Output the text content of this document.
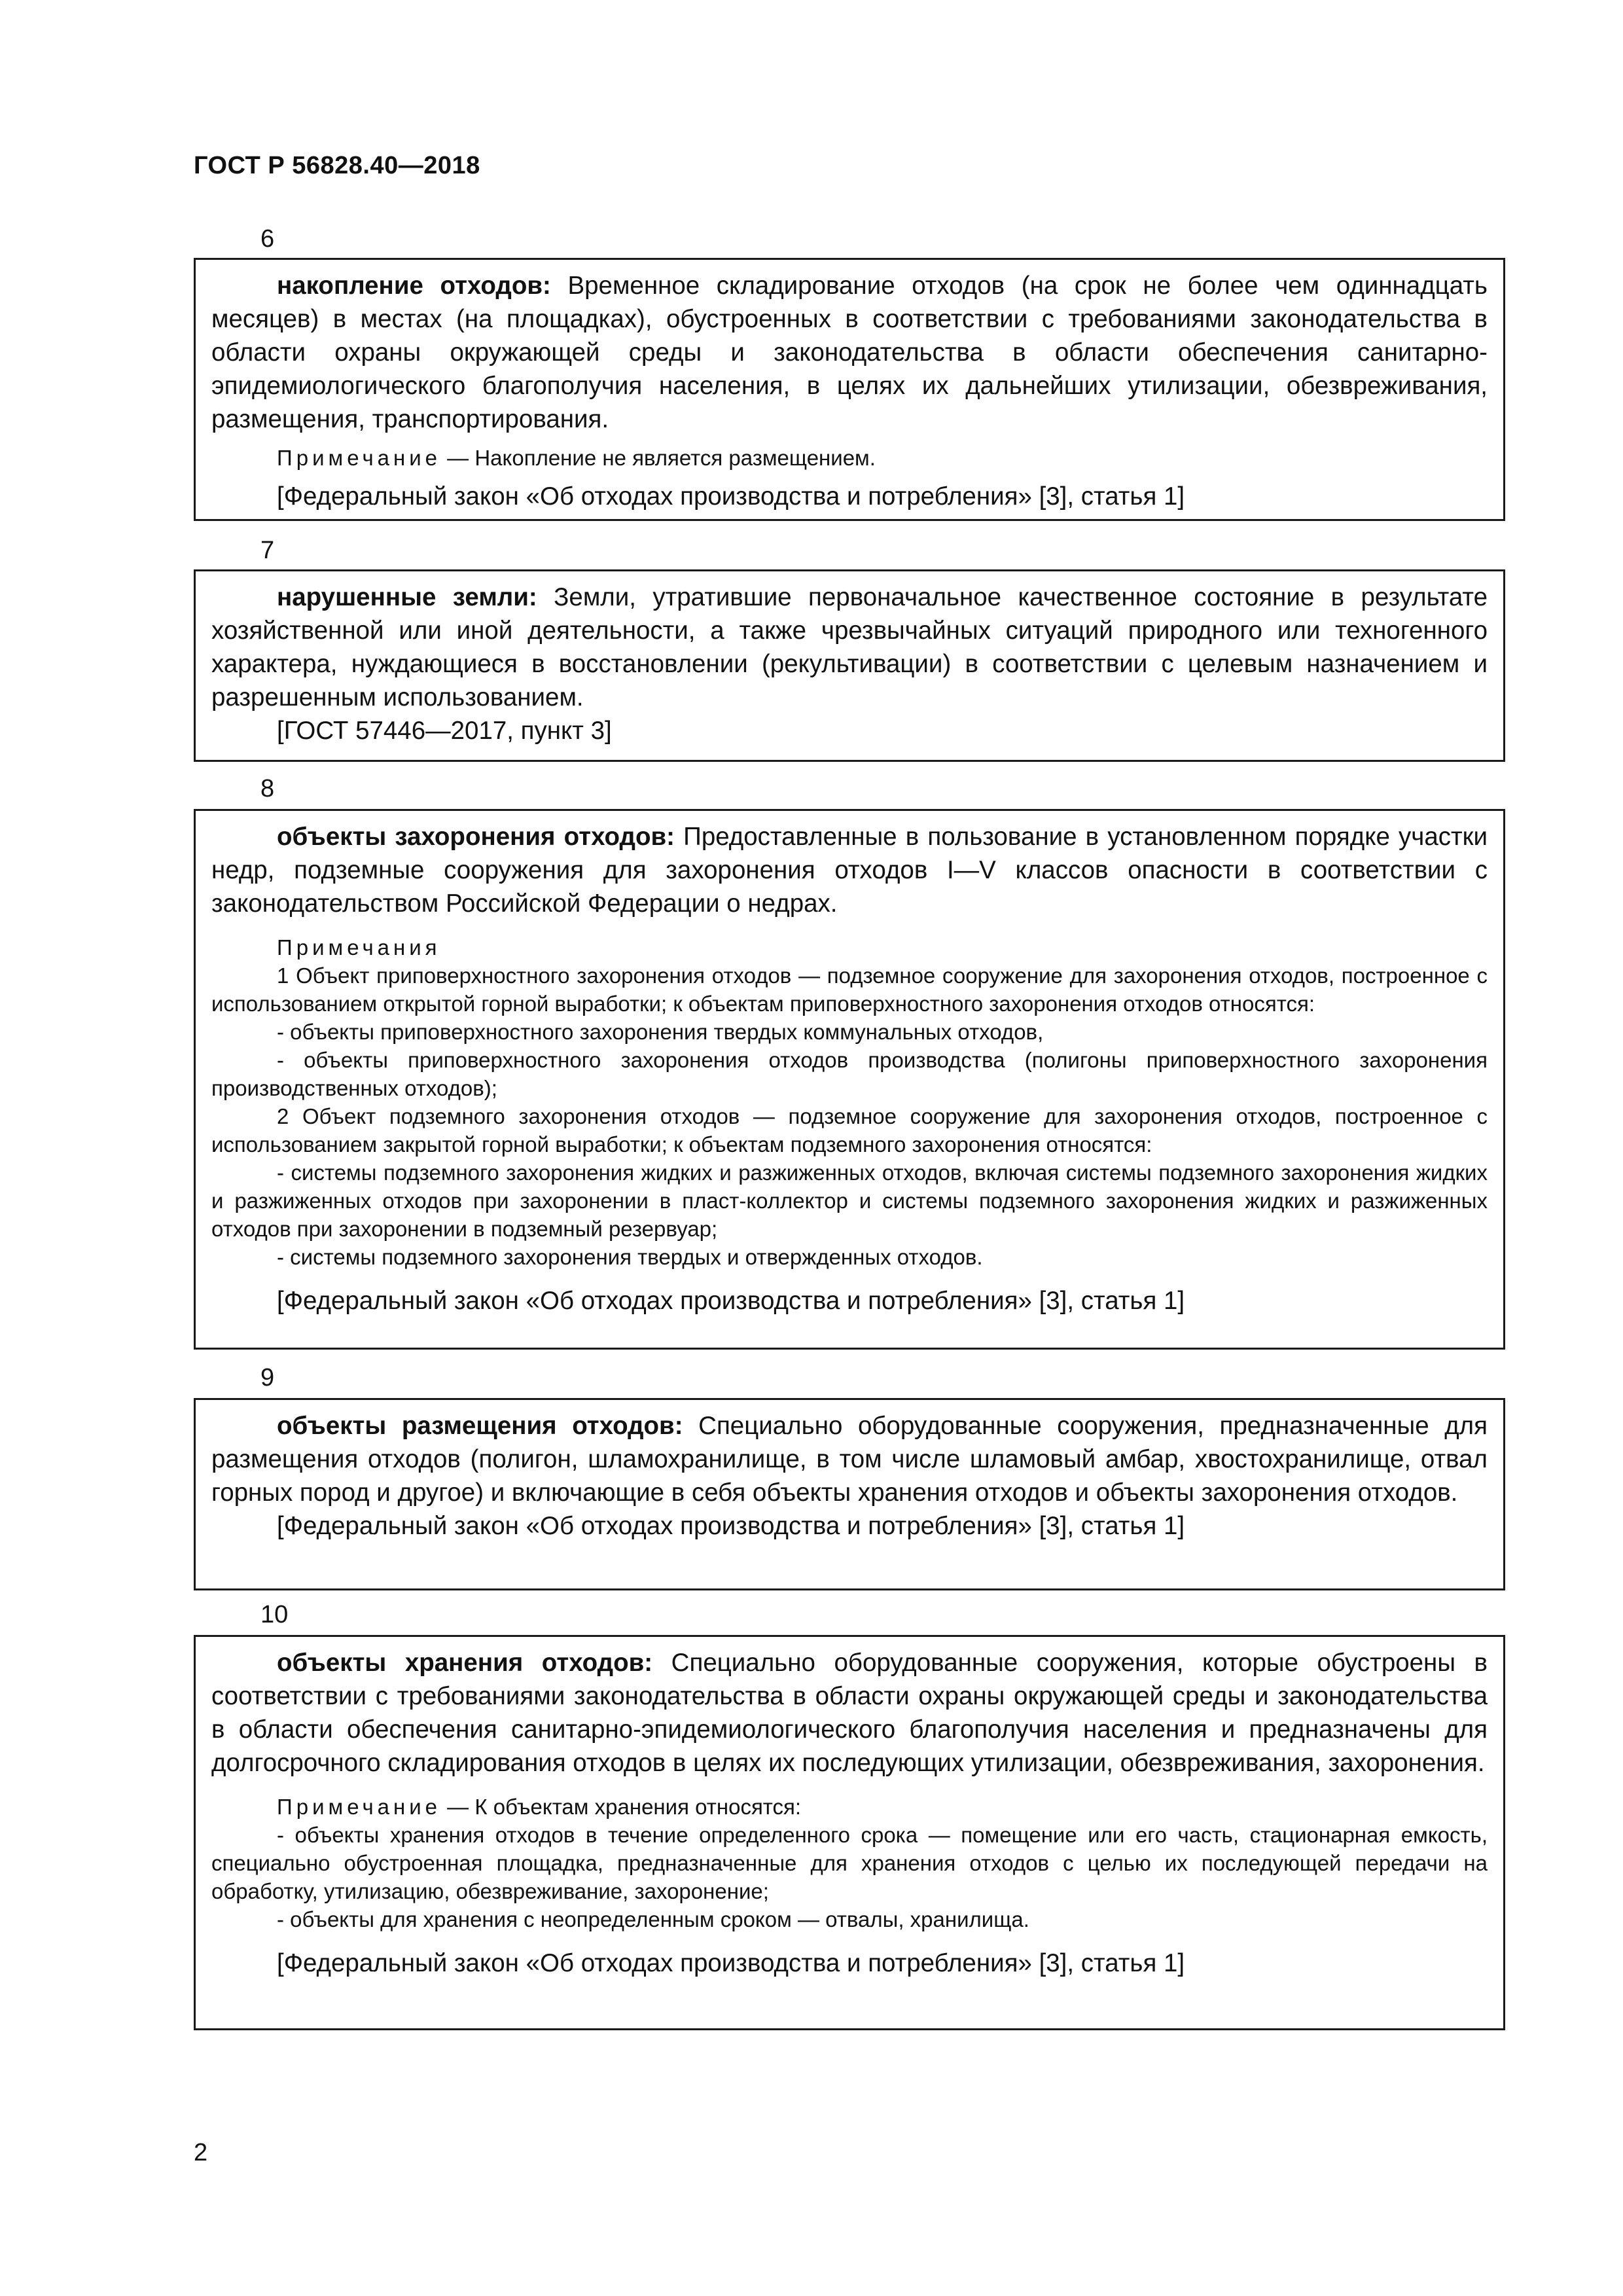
ГОСТ Р 56828.40—2018
6

накопление отходов: Временное складирование отходов (на срок не более чем одиннадцать месяцев) в местах (на площадках), обустроенных в соответствии с требованиями законодательства в области охраны окружающей среды и законодательства в области обеспечения санитарно-эпидемиологического благополучия населения, в целях их дальнейших утилизации, обезвреживания, размещения, транспортирования.

Примечание — Накопление не является размещением.

[Федеральный закон «Об отходах производства и потребления» [3], статья 1]

7

нарушенные земли: Земли, утратившие первоначальное качественное состояние в результате хозяйственной или иной деятельности, а также чрезвычайных ситуаций природного или техногенного характера, нуждающиеся в восстановлении (рекультивации) в соответствии с целевым назначением и разрешенным использованием.

[ГОСТ 57446—2017, пункт 3]

8

объекты захоронения отходов: Предоставленные в пользование в установленном порядке участки недр, подземные сооружения для захоронения отходов I—V классов опасности в соответствии с законодательством Российской Федерации о недрах.

Примечания

1 Объект приповерхностного захоронения отходов — подземное сооружение для захоронения отходов, построенное с использованием открытой горной выработки; к объектам приповерхностного захоронения отходов относятся:

- объекты приповерхностного захоронения твердых коммунальных отходов,

- объекты приповерхностного захоронения отходов производства (полигоны приповерхностного захоронения производственных отходов);

2 Объект подземного захоронения отходов — подземное сооружение для захоронения отходов, построенное с использованием закрытой горной выработки; к объектам подземного захоронения относятся:

- системы подземного захоронения жидких и разжиженных отходов, включая системы подземного захоронения жидких и разжиженных отходов при захоронении в пласт-коллектор и системы подземного захоронения жидких и разжиженных отходов при захоронении в подземный резервуар;

- системы подземного захоронения твердых и отвержденных отходов.

[Федеральный закон «Об отходах производства и потребления» [3], статья 1]

9

объекты размещения отходов: Специально оборудованные сооружения, предназначенные для размещения отходов (полигон, шламохранилище, в том числе шламовый амбар, хвостохранилище, отвал горных пород и другое) и включающие в себя объекты хранения отходов и объекты захоронения отходов.

[Федеральный закон «Об отходах производства и потребления» [3], статья 1]

10

объекты хранения отходов: Специально оборудованные сооружения, которые обустроены в соответствии с требованиями законодательства в области охраны окружающей среды и законодательства в области обеспечения санитарно-эпидемиологического благополучия населения и предназначены для долгосрочного складирования отходов в целях их последующих утилизации, обезвреживания, захоронения.

Примечание — К объектам хранения относятся:

- объекты хранения отходов в течение определенного срока — помещение или его часть, стационарная емкость, специально обустроенная площадка, предназначенные для хранения отходов с целью их последующей передачи на обработку, утилизацию, обезвреживание, захоронение;

- объекты для хранения с неопределенным сроком — отвалы, хранилища.

[Федеральный закон «Об отходах производства и потребления» [3], статья 1]

2
